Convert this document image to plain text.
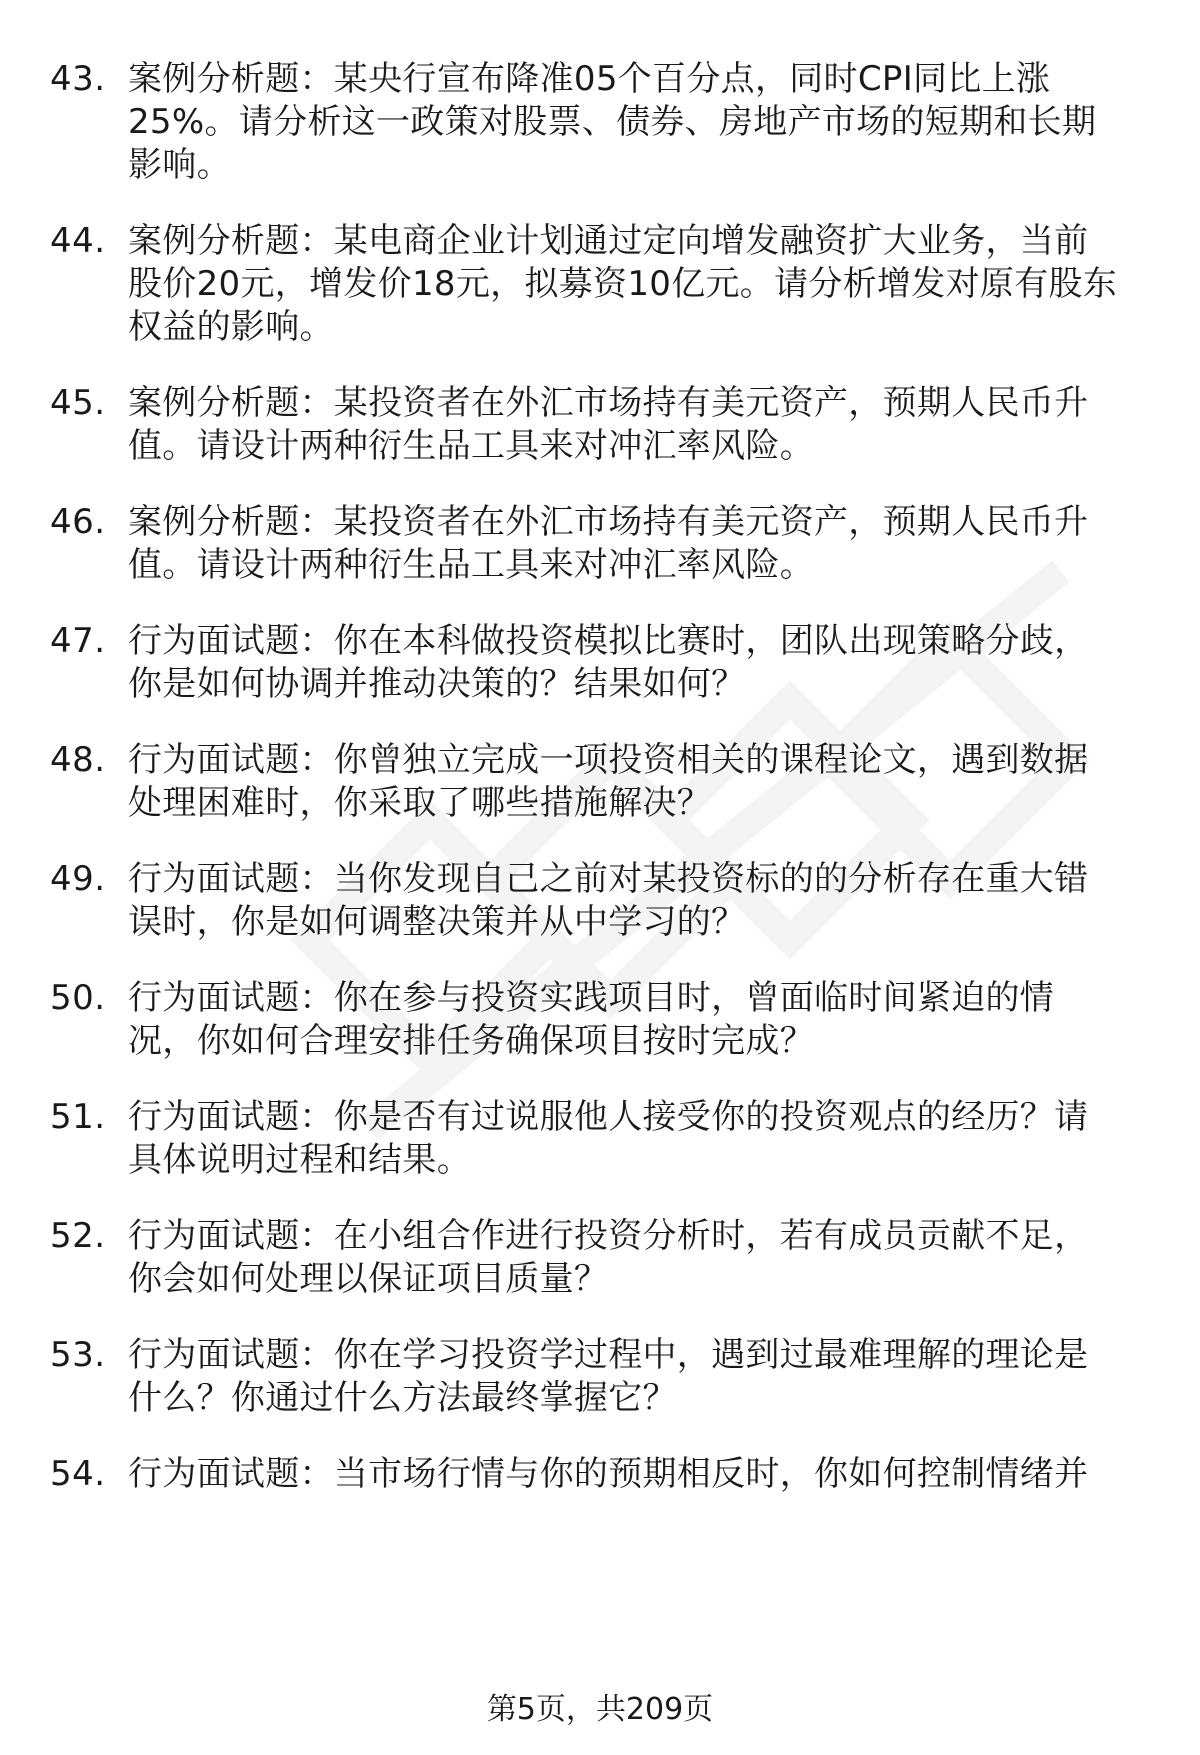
43. 案例分析题：某央行宣布降准05个百分点，同时CPI同比上涨
25%。请分析这一政策对股票、债券、房地产市场的短期和长期
影响。
44. 案例分析题：某电商企业计划通过定向增发融资扩大业务，当前
股价20元，增发价18元，拟募资10亿元。请分析增发对原有股东
权益的影响。
45. 案例分析题：某投资者在外汇市场持有美元资产，预期人民币升
值。请设计两种衍生品工具来对冲汇率风险。
46. 案例分析题：某投资者在外汇市场持有美元资产，预期人民币升
值。请设计两种衍生品工具来对冲汇率风险。
47. 行为面试题：你在本科做投资模拟比赛时，团队出现策略分歧，
你是如何协调并推动决策的？结果如何？
48. 行为面试题：你曾独立完成一项投资相关的课程论文，遇到数据
处理困难时，你采取了哪些措施解决？
49. 行为面试题：当你发现自己之前对某投资标的的分析存在重大错
误时，你是如何调整决策并从中学习的？
50. 行为面试题：你在参与投资实践项目时，曾面临时间紧迫的情
况，你如何合理安排任务确保项目按时完成？
51. 行为面试题：你是否有过说服他人接受你的投资观点的经历？请
具体说明过程和结果。
52. 行为面试题：在小组合作进行投资分析时，若有成员贡献不足，
你会如何处理以保证项目质量？
53. 行为面试题：你在学习投资学过程中，遇到过最难理解的理论是
什么？你通过什么方法最终掌握它？
54. 行为面试题：当市场行情与你的预期相反时，你如何控制情绪并
第5页，共209页
